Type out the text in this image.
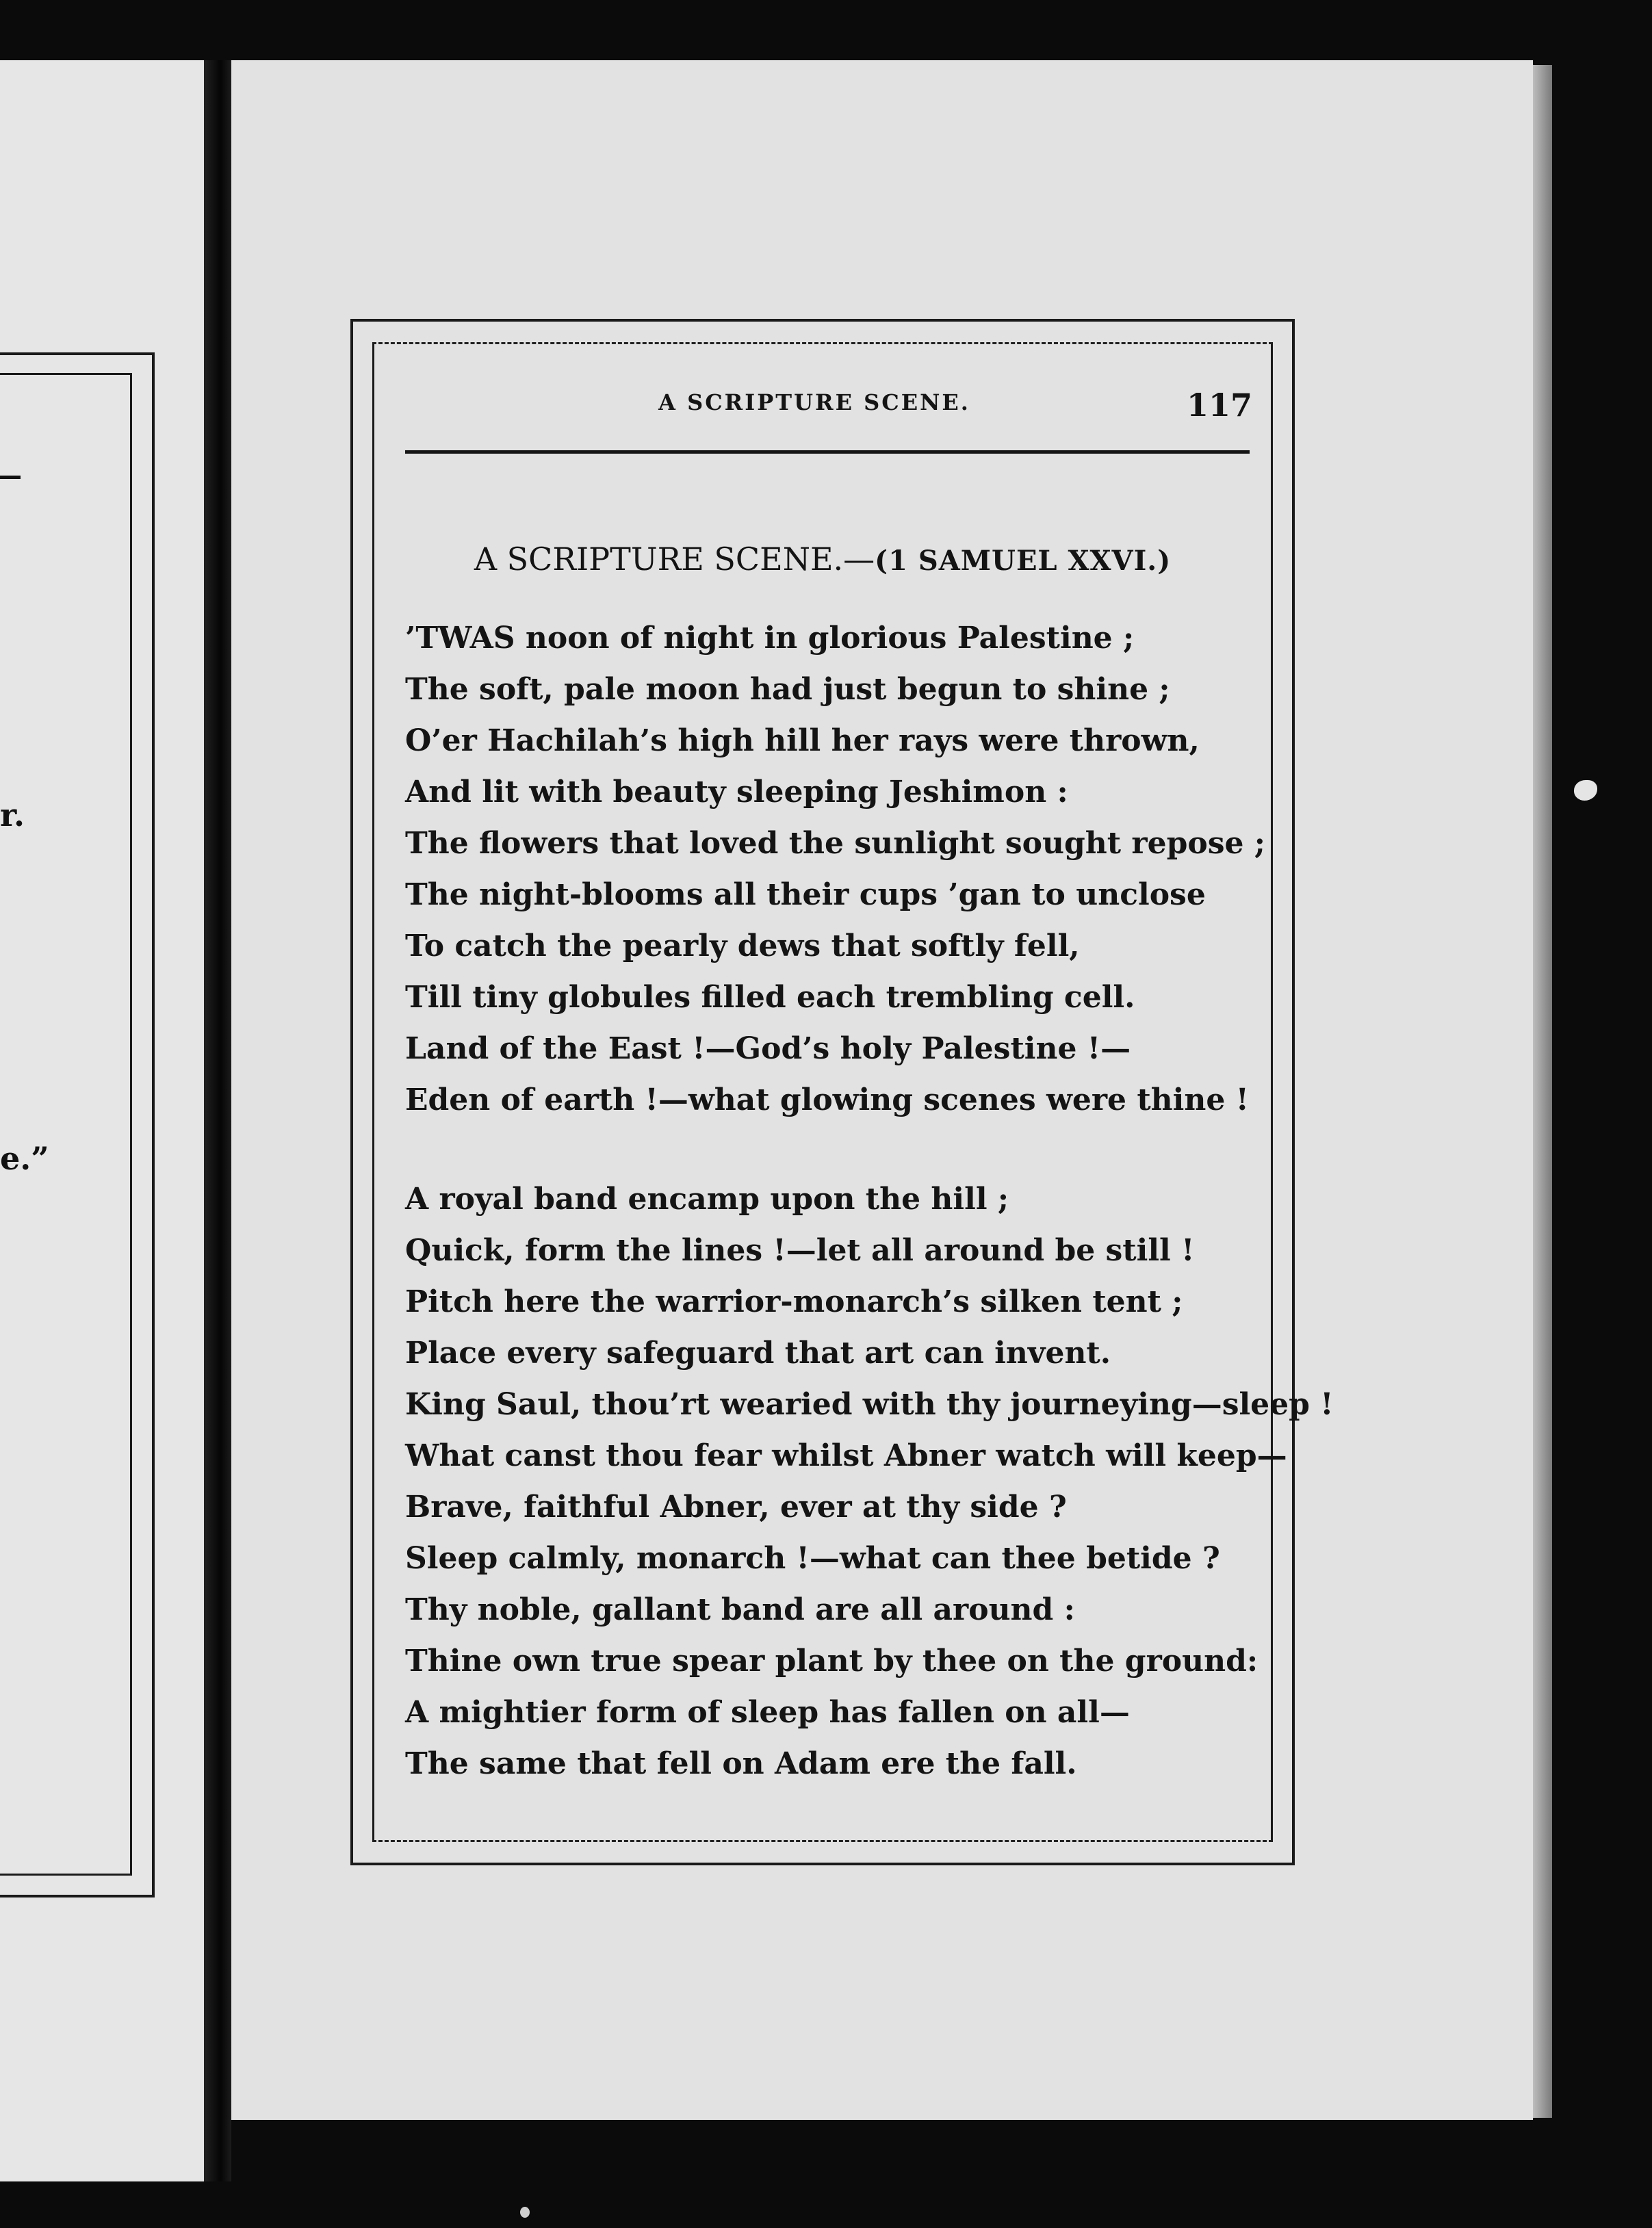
r.
e.”
A SCRIPTURE SCENE.	117
A SCRIPTURE SCENE.—(1 SAMUEL XXVI.)
’TWAS noon of night in glorious Palestine ;
The soft, pale moon had just begun to shine ;
O’er Hachilah’s high hill her rays were thrown,
And lit with beauty sleeping Jeshimon :
The flowers that loved the sunlight sought repose ;
The night-blooms all their cups ’gan to unclose
To catch the pearly dews that softly fell,
Till tiny globules filled each trembling cell.
Land of the East !—God’s holy Palestine !—
Eden of earth !—what glowing scenes were thine !
A royal band encamp upon the hill ;
Quick, form the lines !—let all around be still !
Pitch here the warrior-monarch’s silken tent ;
Place every safeguard that art can invent.
King Saul, thou’rt wearied with thy journeying—sleep !
What canst thou fear whilst Abner watch will keep—
Brave, faithful Abner, ever at thy side ?
Sleep calmly, monarch !—what can thee betide ?
Thy noble, gallant band are all around :
Thine own true spear plant by thee on the ground:
A mightier form of sleep has fallen on all—
The same that fell on Adam ere the fall.
